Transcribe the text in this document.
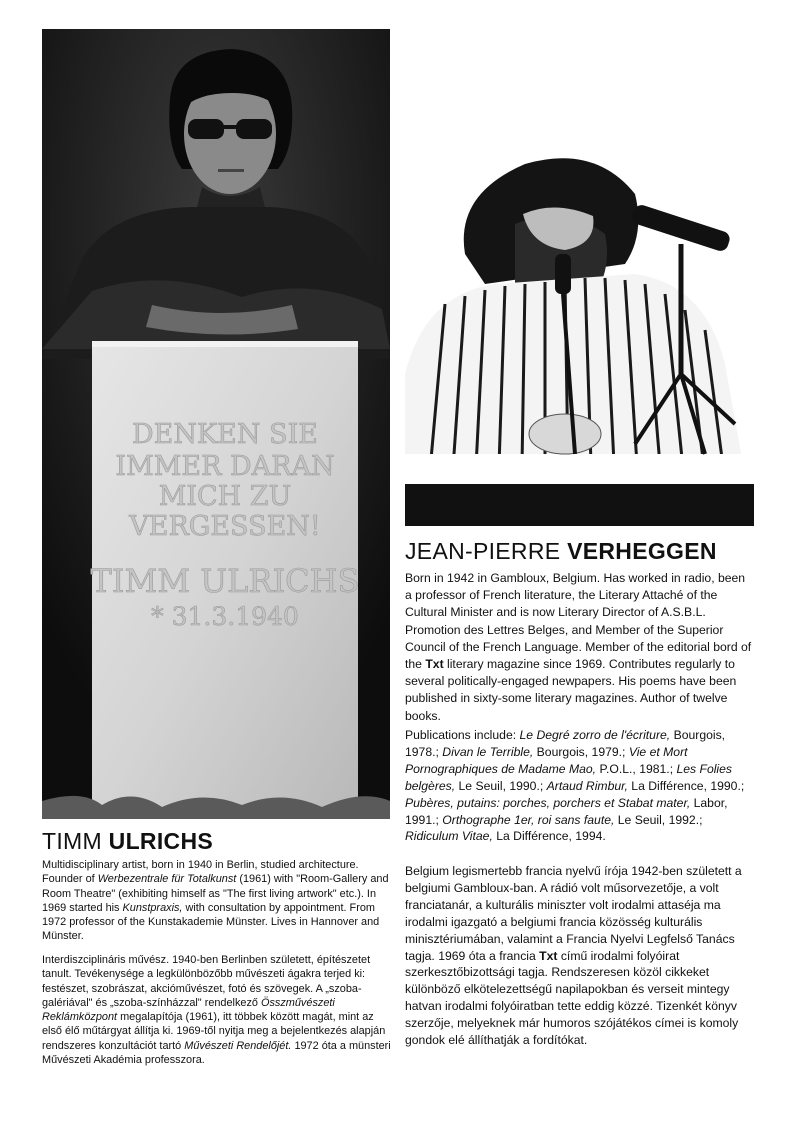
DENKEN SIE
IMMER DARAN
MICH ZU
VERGESSEN!
TIMM ULRICHS
* 31.3.1940
TIMM ULRICHS

Multidisciplinary artist, born in 1940 in Berlin, studied architecture. Founder of Werbezentrale für Totalkunst (1961) with "Room-Gallery and Room Theatre" (exhibiting himself as "The first living artwork" etc.). In 1969 started his Kunstpraxis, with consultation by appointment. From 1972 professor of the Kunstakademie Münster. Lives in Hannover and Münster.

Interdiszciplináris művész. 1940-ben Berlinben született, építészetet tanult. Tevékenysége a legkülönbözőbb művészeti ágakra terjed ki: festészet, szobrászat, akcióművészet, fotó és szövegek. A „szoba-galériával" és „szoba-színházzal" rendelkező Összművészeti Reklámközpont megalapítója (1961), itt többek között magát, mint az első élő műtárgyat állítja ki. 1969-től nyitja meg a bejelentkezés alapján rendszeres konzultációt tartó Művészeti Rendelőjét. 1972 óta a münsteri Művészeti Akadémia professzora.

JEAN-PIERRE VERHEGGEN

Born in 1942 in Gambloux, Belgium. Has worked in radio, been a professor of French literature, the Literary Attaché of the Cultural Minister and is now Literary Director of A.S.B.L. Promotion des Lettres Belges, and Member of the Superior Council of the French Language. Member of the editorial bord of the Txt literary magazine since 1969. Contributes regularly to several politically-engaged newpapers. His poems have been published in sixty-some literary magazines. Author of twelve books.

Publications include: Le Degré zorro de l'écriture, Bourgois, 1978.; Divan le Terrible, Bourgois, 1979.; Vie et Mort Pornographiques de Madame Mao, P.O.L., 1981.; Les Folies belgères, Le Seuil, 1990.; Artaud Rimbur, La Différence, 1990.; Pubères, putains: porches, porchers et Stabat mater, Labor, 1991.; Orthographe 1er, roi sans faute, Le Seuil, 1992.; Ridiculum Vitae, La Différence, 1994.

Belgium legismertebb francia nyelvű írója 1942-ben született a belgiumi Gambloux-ban. A rádió volt műsorvezetője, a volt franciatanár, a kulturális miniszter volt irodalmi attaséja ma irodalmi igazgató a belgiumi francia közösség kulturális minisztériumában, valamint a Francia Nyelvi Legfelső Tanács tagja. 1969 óta a francia Txt című irodalmi folyóirat szerkesztőbizottsági tagja. Rendszeresen közöl cikkeket különböző elkötelezettségű napilapokban és verseit mintegy hatvan irodalmi folyóiratban tette eddig közzé. Tizenkét könyv szerzője, melyeknek már humoros szójátékos címei is komoly gondok elé állíthatják a fordítókat.
